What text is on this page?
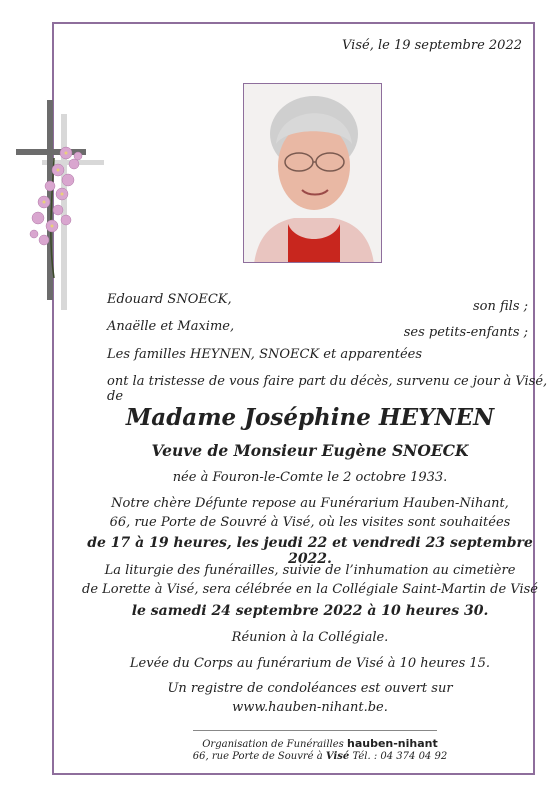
Visé, le 19 septembre 2022
Edouard SNOECK,	son fils ;
Anaëlle et Maxime,	ses petits-enfants ;
Les familles HEYNEN, SNOECK et apparentées
ont la tristesse de vous faire part du décès, survenu ce jour à Visé, de
Madame Joséphine HEYNEN
Veuve de Monsieur Eugène SNOECK
née à Fouron-le-Comte le 2 octobre 1933.
Notre chère Défunte repose au Funérarium Hauben-Nihant,
66, rue Porte de Souvré à Visé, où les visites sont souhaitées
de 17 à 19 heures, les jeudi 22 et vendredi 23 septembre 2022.
La liturgie des funérailles, suivie de l’inhumation au cimetière
de Lorette à Visé, sera célébrée en la Collégiale Saint-Martin de Visé
le samedi 24 septembre 2022 à 10 heures 30.
Réunion à la Collégiale.
Levée du Corps au funérarium de Visé à 10 heures 15.
Un registre de condoléances est ouvert sur
www.hauben-nihant.be.
Organisation de Funérailles hauben-nihant
66, rue Porte de Souvré à Visé Tél. : 04 374 04 92
